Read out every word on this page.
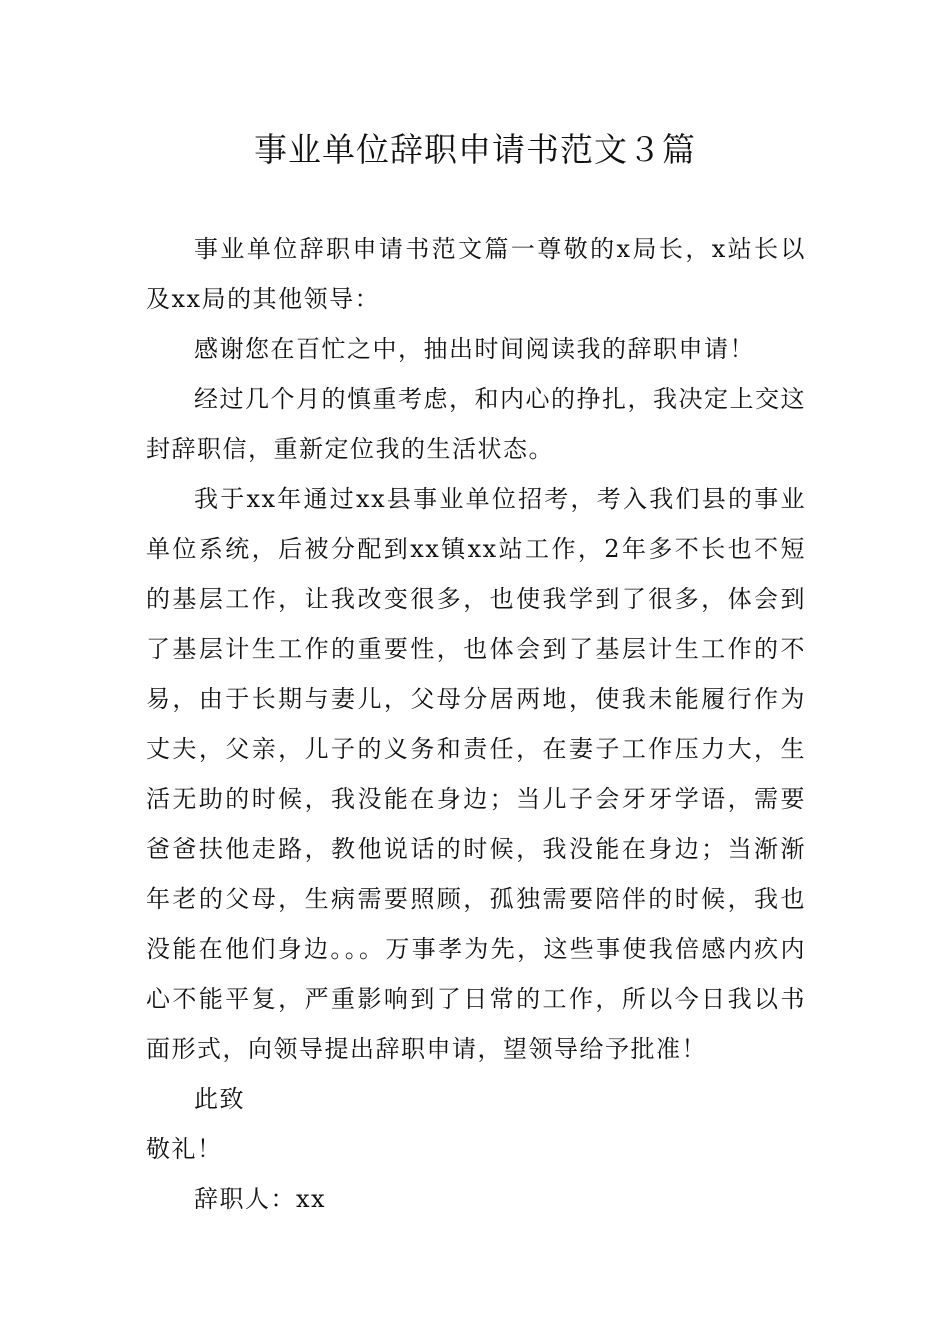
事业单位辞职申请书范文３篇

事业单位辞职申请书范文篇一尊敬的x局长，x站长以及xx局的其他领导：

感谢您在百忙之中，抽出时间阅读我的辞职申请！

经过几个月的慎重考虑，和内心的挣扎，我决定上交这封辞职信，重新定位我的生活状态。

我于xx年通过xx县事业单位招考，考入我们县的事业单位系统，后被分配到xx镇xx站工作，2年多不长也不短的基层工作，让我改变很多，也使我学到了很多，体会到了基层计生工作的重要性，也体会到了基层计生工作的不易，由于长期与妻儿，父母分居两地，使我未能履行作为丈夫，父亲，儿子的义务和责任，在妻子工作压力大，生活无助的时候，我没能在身边；当儿子会牙牙学语，需要爸爸扶他走路，教他说话的时候，我没能在身边；当渐渐年老的父母，生病需要照顾，孤独需要陪伴的时候，我也没能在他们身边。。。万事孝为先，这些事使我倍感内疚内心不能平复，严重影响到了日常的工作，所以今日我以书面形式，向领导提出辞职申请，望领导给予批准！

此致

敬礼！

辞职人：xx
